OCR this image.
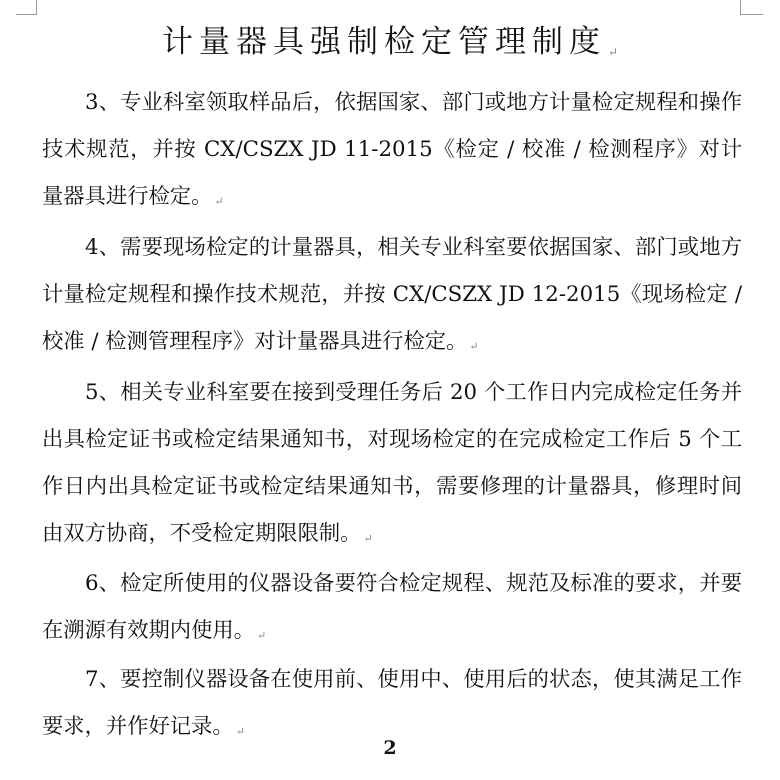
计量器具强制检定管理制度 ↵

3、专业科室领取样品后，依据国家、部门或地方计量检定规程和操作技术规范，并按 CX/CSZX JD 11-2015《检定 / 校准 / 检测程序》对计量器具进行检定。 ↵

4、需要现场检定的计量器具，相关专业科室要依据国家、部门或地方计量检定规程和操作技术规范，并按 CX/CSZX JD 12-2015《现场检定 / 校准 / 检测管理程序》对计量器具进行检定。 ↵

5、相关专业科室要在接到受理任务后 20 个工作日内完成检定任务并出具检定证书或检定结果通知书，对现场检定的在完成检定工作后 5 个工作日内出具检定证书或检定结果通知书，需要修理的计量器具，修理时间由双方协商，不受检定期限限制。 ↵

6、检定所使用的仪器设备要符合检定规程、规范及标准的要求，并要在溯源有效期内使用。 ↵

7、要控制仪器设备在使用前、使用中、使用后的状态，使其满足工作要求，并作好记录。 ↵

2
